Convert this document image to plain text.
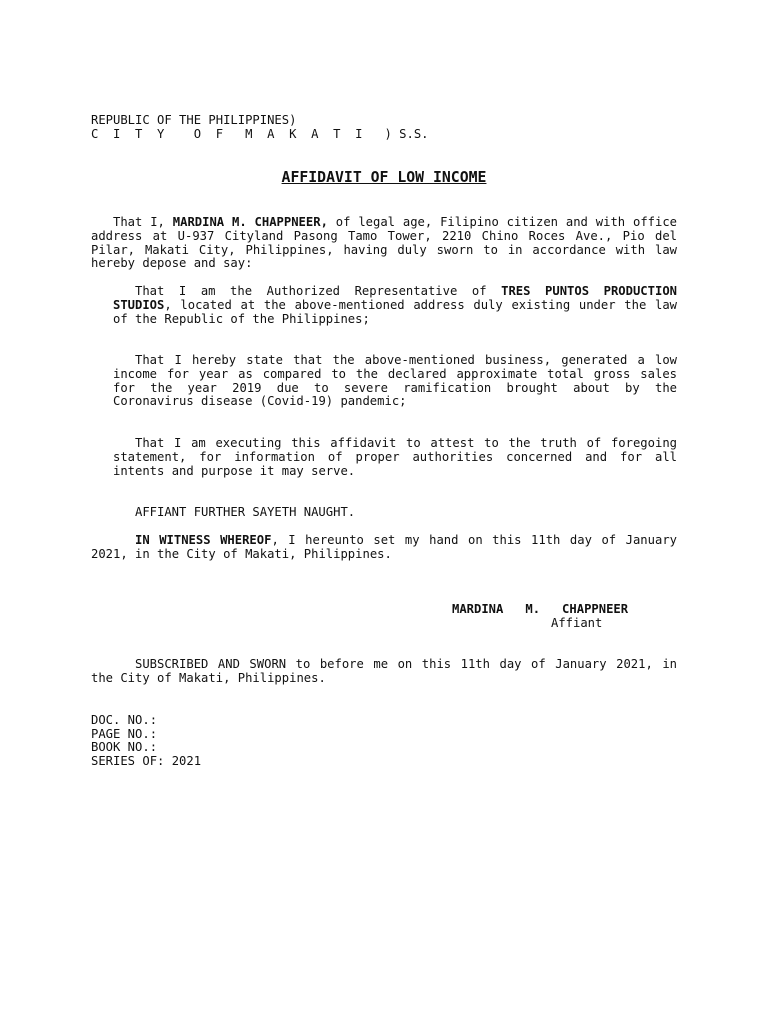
REPUBLIC OF THE PHILIPPINES)
C  I  T  Y    O  F   M  A  K  A  T  I   ) S.S.
AFFIDAVIT OF LOW INCOME
That I, MARDINA M. CHAPPNEER, of legal age, Filipino citizen and with office address at U-937 Cityland Pasong Tamo Tower, 2210 Chino Roces Ave., Pio del Pilar, Makati City, Philippines, having duly sworn to in accordance with law hereby depose and say:
That I am the Authorized Representative of TRES PUNTOS PRODUCTION STUDIOS, located at the above-mentioned address duly existing under the law of the Republic of the Philippines;
That I hereby state that the above-mentioned business, generated a low income for year as compared to the declared approximate total gross sales for the year 2019 due to severe ramification brought about by the Coronavirus disease (Covid-19) pandemic;
That I am executing this affidavit to attest to the truth of foregoing statement, for information of proper authorities concerned and for all intents and purpose it may serve.
AFFIANT FURTHER SAYETH NAUGHT.
IN WITNESS WHEREOF, I hereunto set my hand on this 11th day of January 2021, in the City of Makati, Philippines.
MARDINA   M.   CHAPPNEER
Affiant
SUBSCRIBED AND SWORN to before me on this 11th day of January 2021, in the City of Makati, Philippines.
DOC. NO.:
PAGE NO.:
BOOK NO.:
SERIES OF: 2021
